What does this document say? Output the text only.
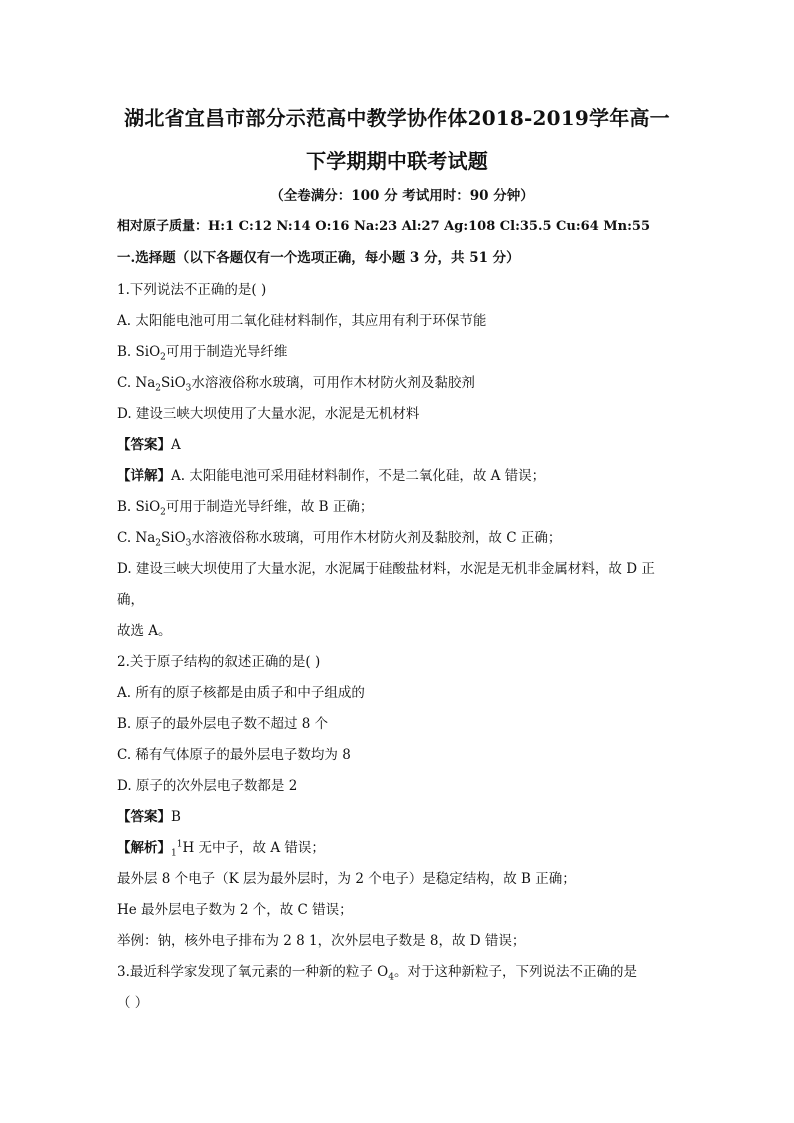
湖北省宜昌市部分示范高中教学协作体2018-2019学年高一
下学期期中联考试题
（全卷满分：100 分 考试用时：90 分钟）
相对原子质量：H:1 C:12 N:14 O:16 Na:23 Al:27 Ag:108 Cl:35.5 Cu:64 Mn:55
一.选择题（以下各题仅有一个选项正确，每小题 3 分，共 51 分）
1.下列说法不正确的是( )
A. 太阳能电池可用二氧化硅材料制作，其应用有利于环保节能
B. SiO$_2$可用于制造光导纤维
C. $Na_2SiO_3$水溶液俗称水玻璃，可用作木材防火剂及黏胶剂
D. 建设三峡大坝使用了大量水泥，水泥是无机材料
【答案】A
【详解】A. 太阳能电池可采用硅材料制作，不是二氧化硅，故 A 错误；
B. SiO$_2$可用于制造光导纤维，故 B 正确；
C. $Na_2SiO_3$水溶液俗称水玻璃，可用作木材防火剂及黏胶剂，故 C 正确；
D. 建设三峡大坝使用了大量水泥，水泥属于硅酸盐材料，水泥是无机非金属材料，故 D 正
确，
故选 A。
2.关于原子结构的叙述正确的是( )
A. 所有的原子核都是由质子和中子组成的
B. 原子的最外层电子数不超过 8 个
C. 稀有气体原子的最外层电子数均为 8
D. 原子的次外层电子数都是 2
【答案】B
【解析】$_1^1$H 无中子，故 A 错误；
最外层 8 个电子（K 层为最外层时，为 2 个电子）是稳定结构，故 B 正确；
He 最外层电子数为 2 个，故 C 错误；
举例：钠，核外电子排布为 2 8 1，次外层电子数是 8，故 D 错误；
3.最近科学家发现了氧元素的一种新的粒子 $O_4$。对于这种新粒子，下列说法不正确的是
（ ）
